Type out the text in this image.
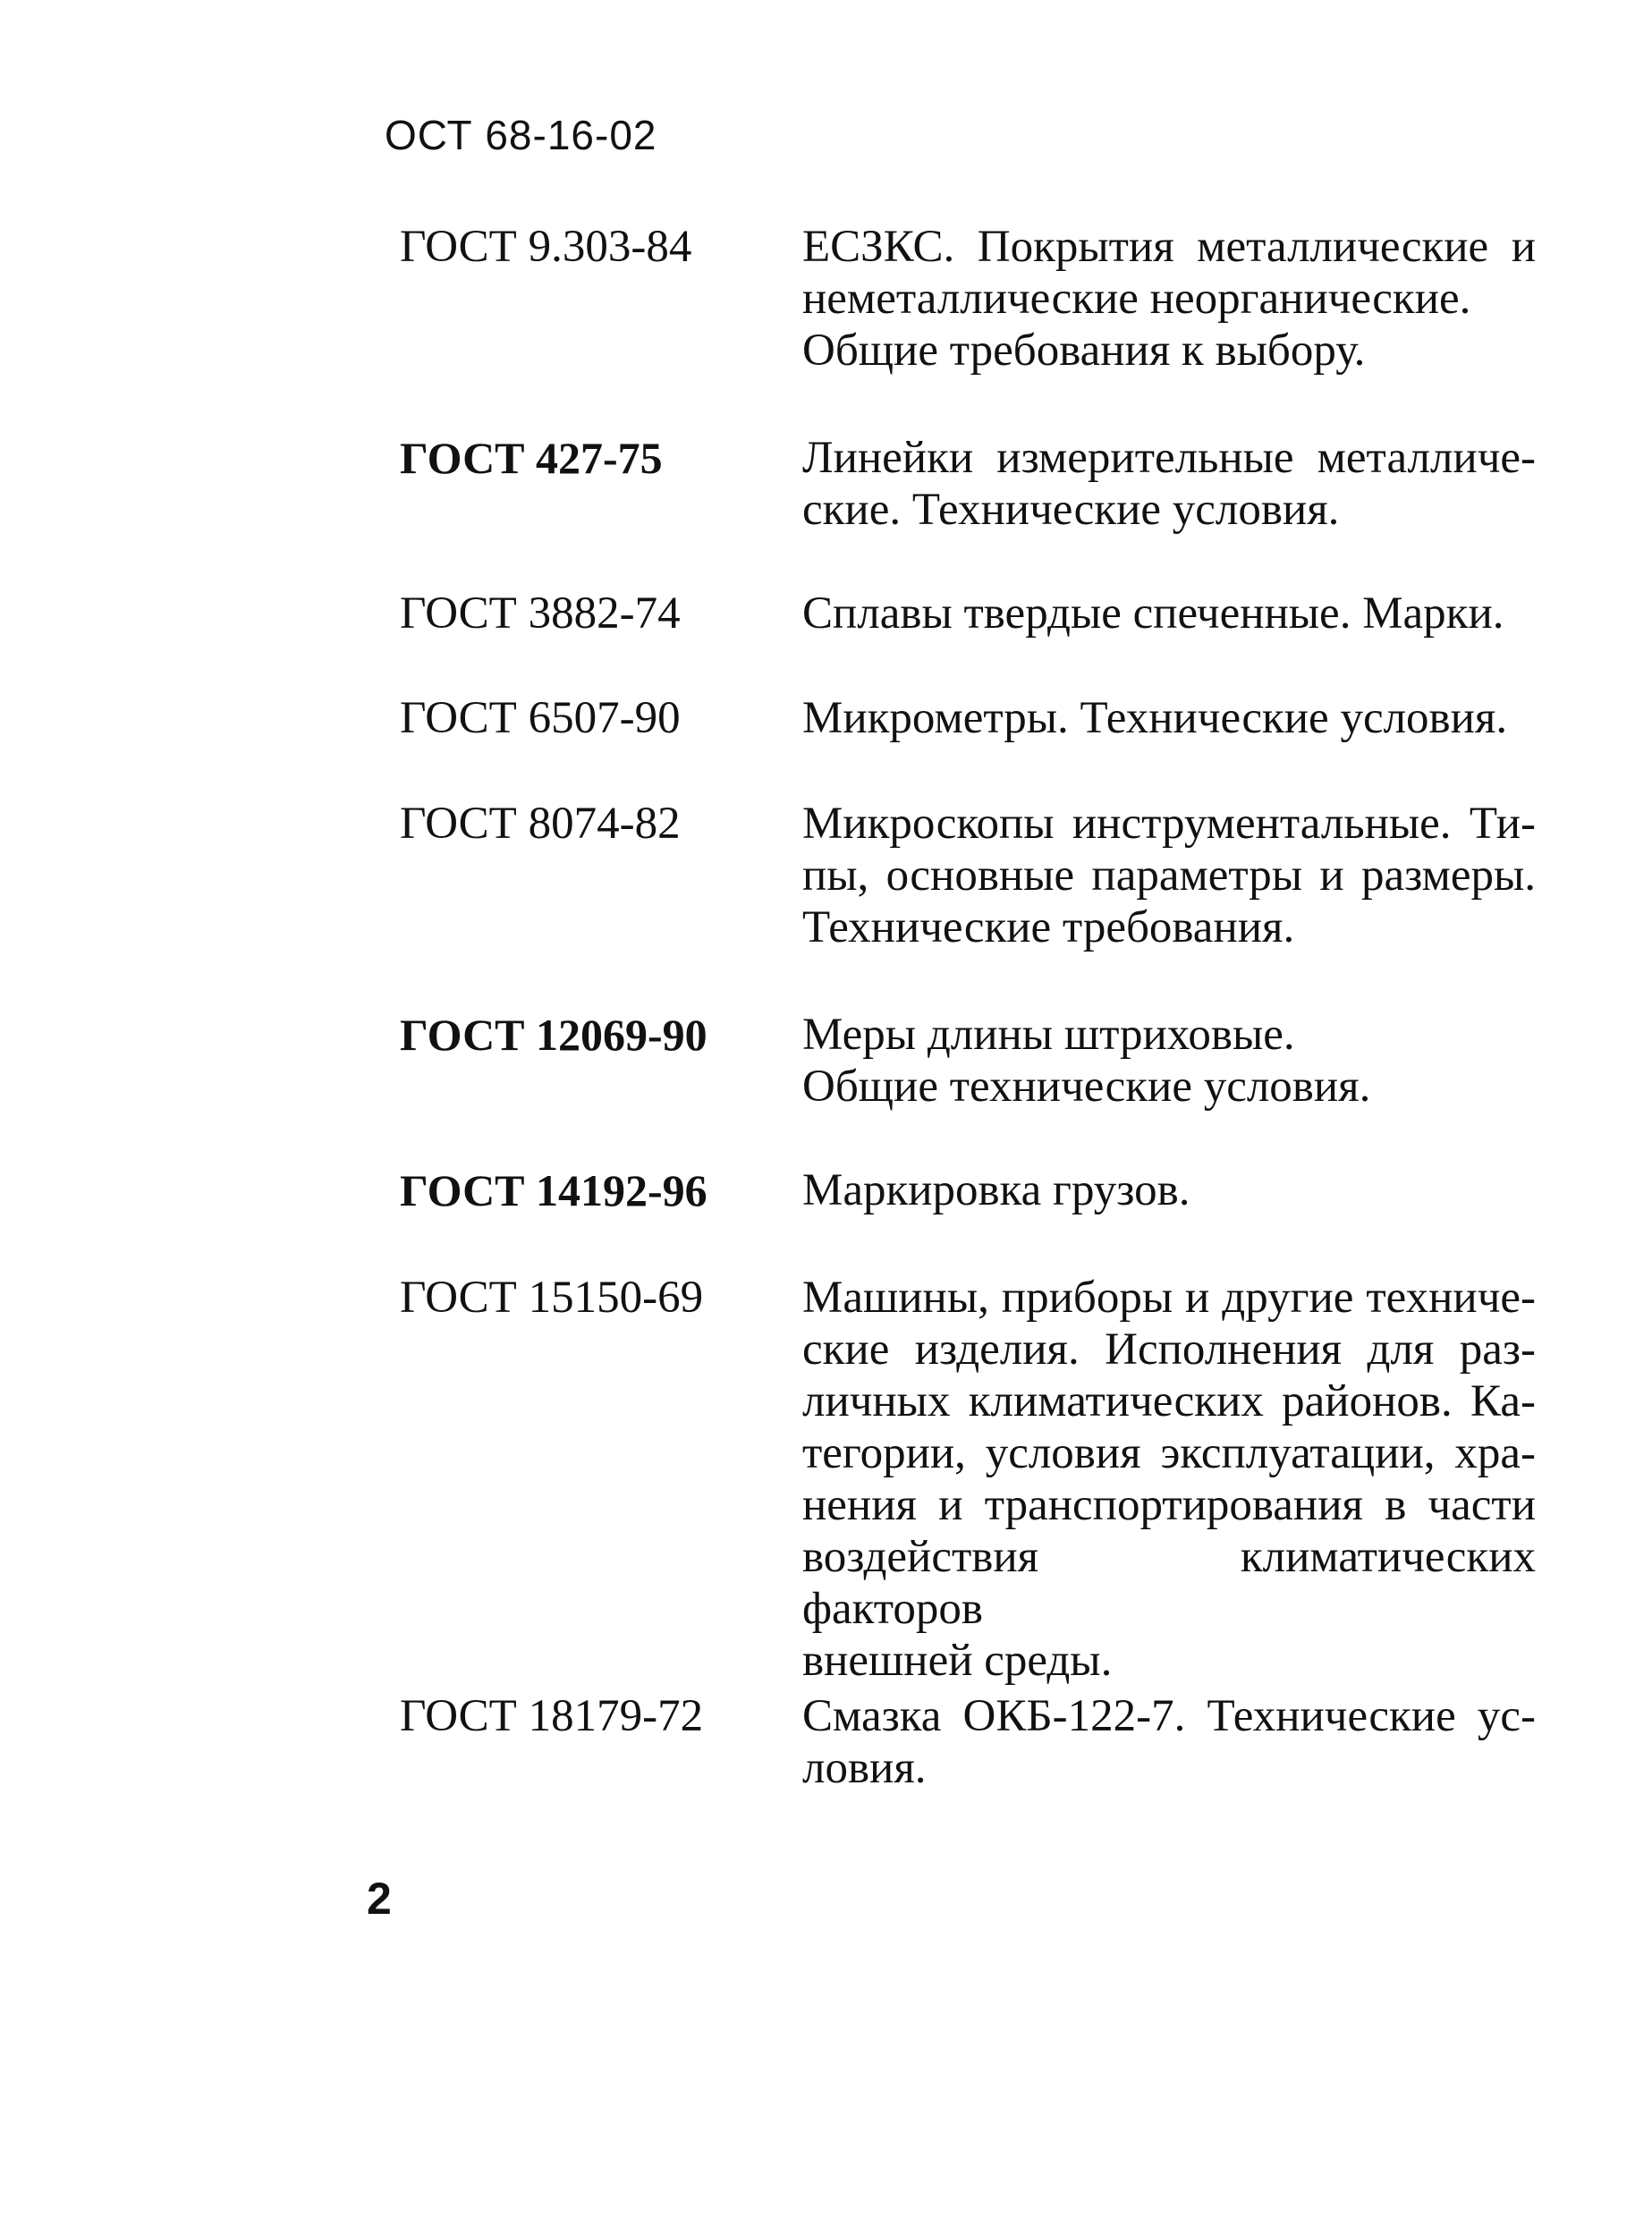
ОСТ 68-16-02
ГОСТ 9.303-84 ЕСЗКС. Покрытия металлические и
неметаллические неорганические.
Общие требования к выбору.
ГОСТ 427-75	Линейки измерительные металличе-
ские. Технические условия.
ГОСТ 3882-74	Сплавы твердые спеченные. Марки.
ГОСТ 6507-90	Микрометры. Технические условия.
ГОСТ 8074-82	Микроскопы инструментальные. Ти-
пы, основные параметры и размеры.
Технические требования.
ГОСТ 12069-90 Меры длины штриховые.
Общие технические условия.
ГОСТ 14192-96 Маркировка грузов.
ГОСТ 15150-69 Машины, приборы и другие техниче-
ские изделия. Исполнения для раз-
личных климатических районов. Ка-
тегории, условия эксплуатации, хра-
нения и транспортирования в части
воздействия климатических факторов
внешней среды.
ГОСТ 18179-72 Смазка ОКБ-122-7. Технические ус-
ловия.
2
